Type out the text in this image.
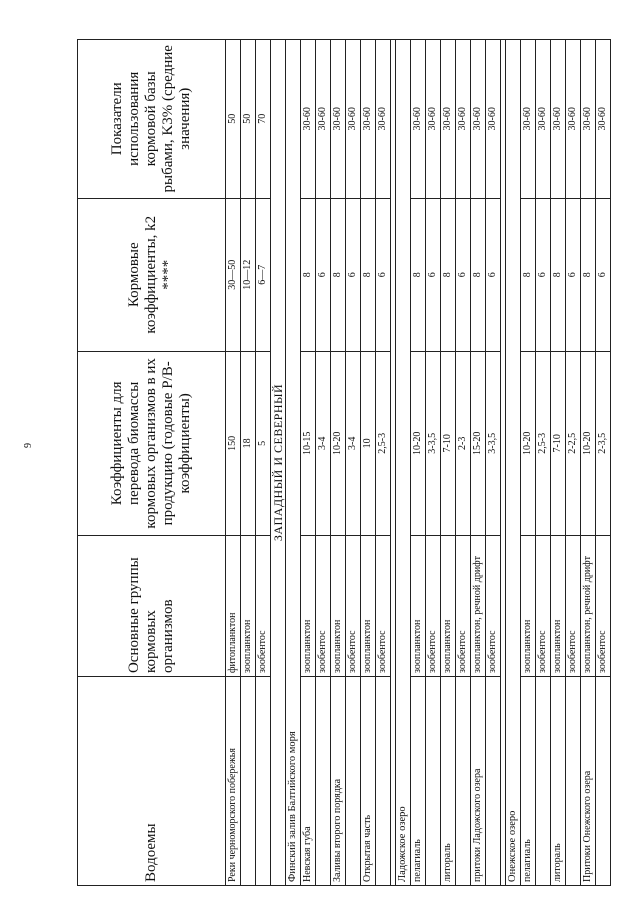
9
Водоемы	Основные группы кормовых организмов	Коэффициенты для перевода биомассы кормовых организмов в их продукцию (годовые P/B-коэффициенты)	Кормовые коэффициенты, k2 ****	Показатели использования кормовой базы рыбами, K3% (средние значения)
Реки черноморского побережья	фитопланктон	150	30—50	50
	зоопланктон	18	10—12	50
	зообентос	5	6—7	70
ЗАПАДНЫЙ И СЕВЕРНЫЙ				
Финский залив Балтийского моря				
Невская губа	зоопланктон	10-15	8	30-60
	зообентос	3-4	6	30-60
Заливы второго порядка	зоопланктон	10-20	8	30-60
	зообентос	3-4	6	30-60
Открытая часть	зоопланктон	10	8	30-60
	зообентос	2,5-3	6	30-60

Ладожское озеро				
пелагиаль	зоопланктон	10-20	8	30-60
	зообентос	3-3,5	6	30-60
литораль	зоопланктон	7-10	8	30-60
	зообентос	2-3	6	30-60
притоки Ладожского озера	зоопланктон, речной дрифт	15-20	8	30-60
	зообентос	3-3,5	6	30-60

Онежское озеро				
пелагиаль	зоопланктон	10-20	8	30-60
	зообентос	2,5-3	6	30-60
литораль	зоопланктон	7-10	8	30-60
	зообентос	2-2,5	6	30-60
Притоки Онежского озера	зоопланктон, речной дрифт	10-20	8	30-60
	зообентос	2-3,5	6	30-60
